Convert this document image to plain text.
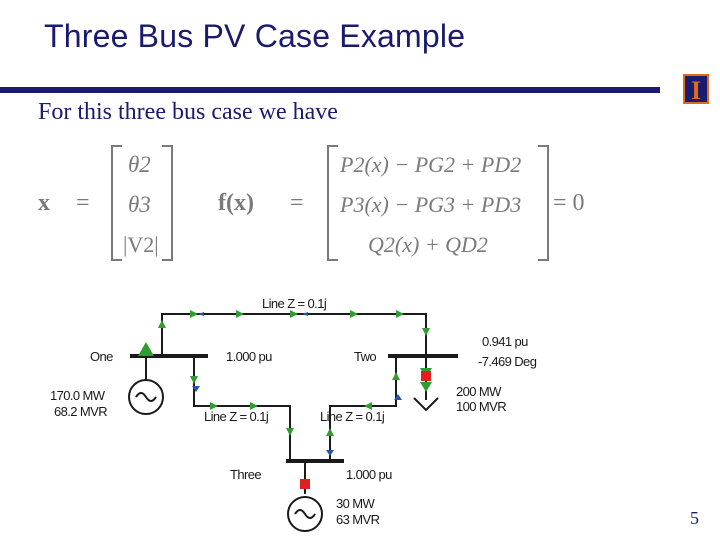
Three Bus PV Case Example
I
For this three bus case we have
x =
θ2
θ3
|V2|
f(x) =
P2(x) − PG2 + PD2
P3(x) − PG3 + PD3
Q2(x) + QD2
= 0
Line Z = 0.1j
One	1.000 pu	Two
0.941 pu
-7.469 Deg
170.0 MW
68.2 MVR
200 MW
100 MVR
Line Z = 0.1j	Line Z = 0.1j
Three	1.000 pu
30 MW
63 MVR	5
